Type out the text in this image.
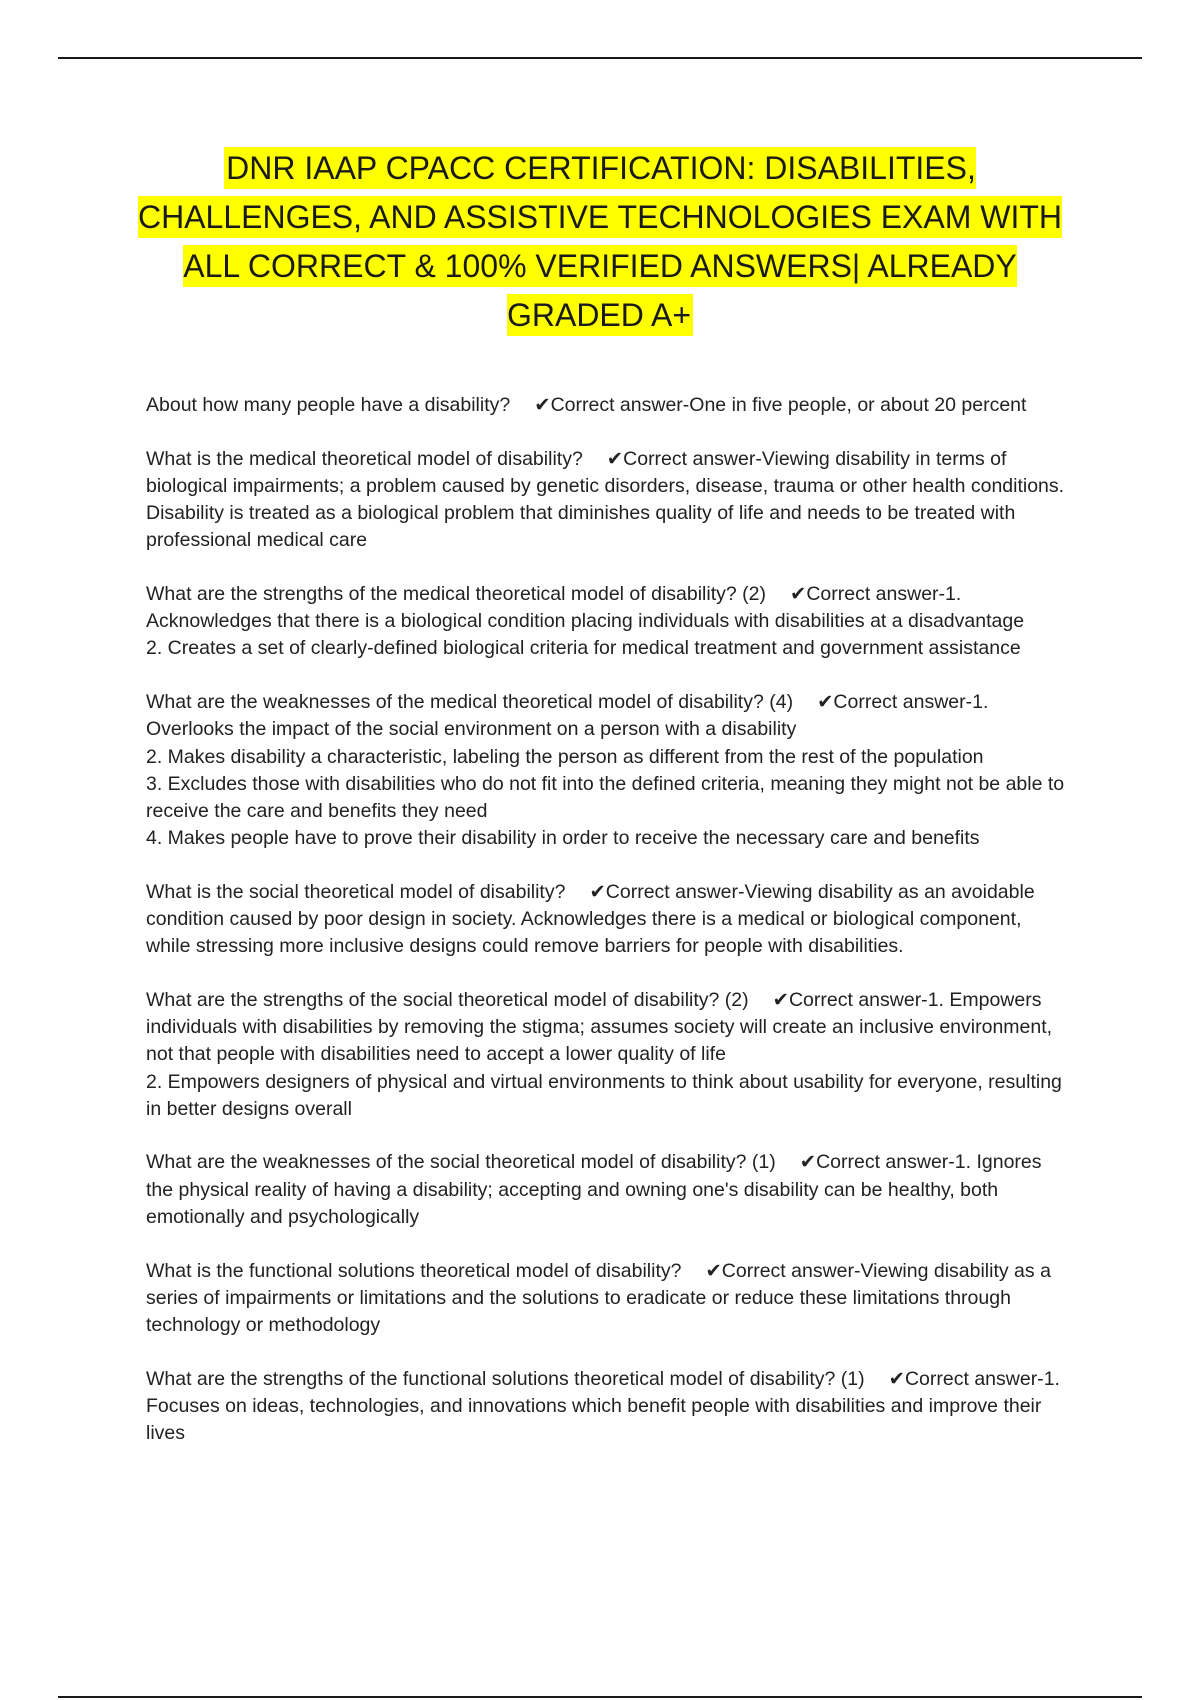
DNR IAAP CPACC CERTIFICATION: DISABILITIES, CHALLENGES, AND ASSISTIVE TECHNOLOGIES EXAM WITH ALL CORRECT & 100% VERIFIED ANSWERS| ALREADY GRADED A+

About how many people have a disability? ✔Correct answer-One in five people, or about 20 percent

What is the medical theoretical model of disability? ✔Correct answer-Viewing disability in terms of biological impairments; a problem caused by genetic disorders, disease, trauma or other health conditions. Disability is treated as a biological problem that diminishes quality of life and needs to be treated with professional medical care

What are the strengths of the medical theoretical model of disability? (2) ✔Correct answer-1. Acknowledges that there is a biological condition placing individuals with disabilities at a disadvantage
2. Creates a set of clearly-defined biological criteria for medical treatment and government assistance

What are the weaknesses of the medical theoretical model of disability? (4) ✔Correct answer-1. Overlooks the impact of the social environment on a person with a disability
2. Makes disability a characteristic, labeling the person as different from the rest of the population
3. Excludes those with disabilities who do not fit into the defined criteria, meaning they might not be able to receive the care and benefits they need
4. Makes people have to prove their disability in order to receive the necessary care and benefits

What is the social theoretical model of disability? ✔Correct answer-Viewing disability as an avoidable condition caused by poor design in society. Acknowledges there is a medical or biological component, while stressing more inclusive designs could remove barriers for people with disabilities.

What are the strengths of the social theoretical model of disability? (2) ✔Correct answer-1. Empowers individuals with disabilities by removing the stigma; assumes society will create an inclusive environment, not that people with disabilities need to accept a lower quality of life
2. Empowers designers of physical and virtual environments to think about usability for everyone, resulting in better designs overall

What are the weaknesses of the social theoretical model of disability? (1) ✔Correct answer-1. Ignores the physical reality of having a disability; accepting and owning one's disability can be healthy, both emotionally and psychologically

What is the functional solutions theoretical model of disability? ✔Correct answer-Viewing disability as a series of impairments or limitations and the solutions to eradicate or reduce these limitations through technology or methodology

What are the strengths of the functional solutions theoretical model of disability? (1) ✔Correct answer-1. Focuses on ideas, technologies, and innovations which benefit people with disabilities and improve their lives
